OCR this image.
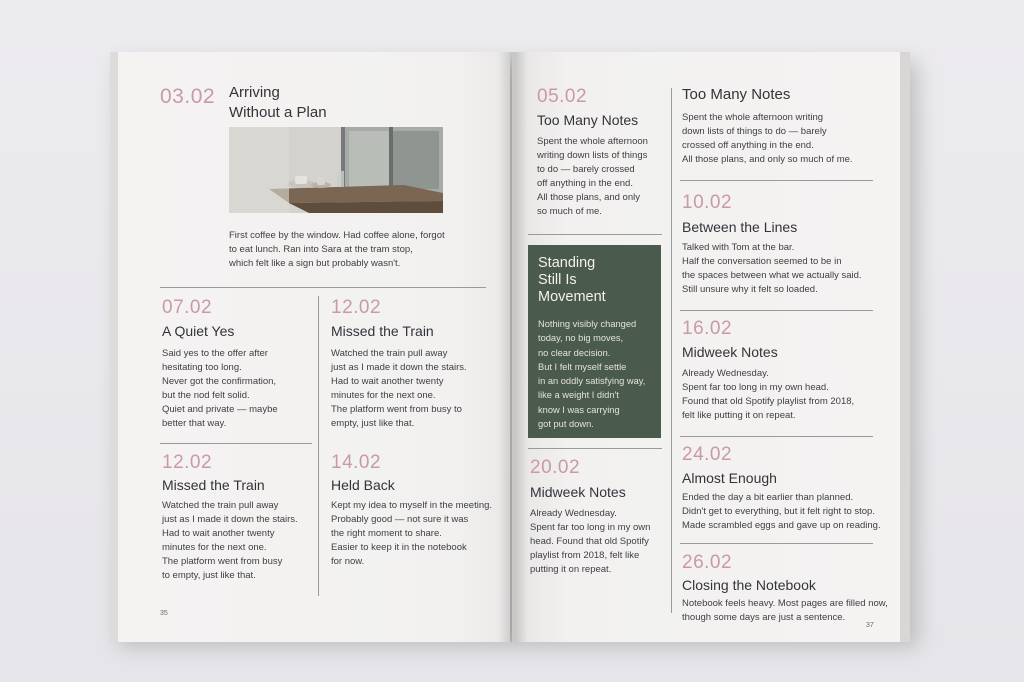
03.02 Arriving
Without a Plan

First coffee by the window. Had coffee alone, forgot

to eat lunch. Ran into Sara at the tram stop,

which felt like a sign but probably wasn't.

07.02
A Quiet Yes

Said yes to the offer after

hesitating too long.

Never got the confirmation,

but the nod felt solid.

Quiet and private — maybe

better that way.

12.02
Missed the Train

Watched the train pull away

just as I made it down the stairs.

Had to wait another twenty

minutes for the next one.

The platform went from busy to

empty, just like that.

12.02
Missed the Train

Watched the train pull away

just as I made it down the stairs.

Had to wait another twenty

minutes for the next one.

The platform went from busy

to empty, just like that.

14.02
Held Back

Kept my idea to myself in the meeting.

Probably good — not sure it was

the right moment to share.

Easier to keep it in the notebook

for now.

35
05.02
Too Many Notes

Spent the whole afternoon

writing down lists of things

to do — barely crossed

off anything in the end.

All those plans, and only

so much of me.

Standing
Still Is
Movement
Nothing visibly changed
today, no big moves,
no clear decision.
But I felt myself settle
in an oddly satisfying way,
like a weight I didn't
know I was carrying
got put down.
20.02
Midweek Notes

Already Wednesday.

Spent far too long in my own

head. Found that old Spotify

playlist from 2018, felt like

putting it on repeat.

Too Many Notes

Spent the whole afternoon writing

down lists of things to do — barely

crossed off anything in the end.

All those plans, and only so much of me.

10.02
Between the Lines

Talked with Tom at the bar.

Half the conversation seemed to be in

the spaces between what we actually said.

Still unsure why it felt so loaded.

16.02
Midweek Notes

Already Wednesday.

Spent far too long in my own head.

Found that old Spotify playlist from 2018,

felt like putting it on repeat.

24.02
Almost Enough

Ended the day a bit earlier than planned.

Didn't get to everything, but it felt right to stop.

Made scrambled eggs and gave up on reading.

26.02
Closing the Notebook

Notebook feels heavy. Most pages are filled now,

though some days are just a sentence.

37
